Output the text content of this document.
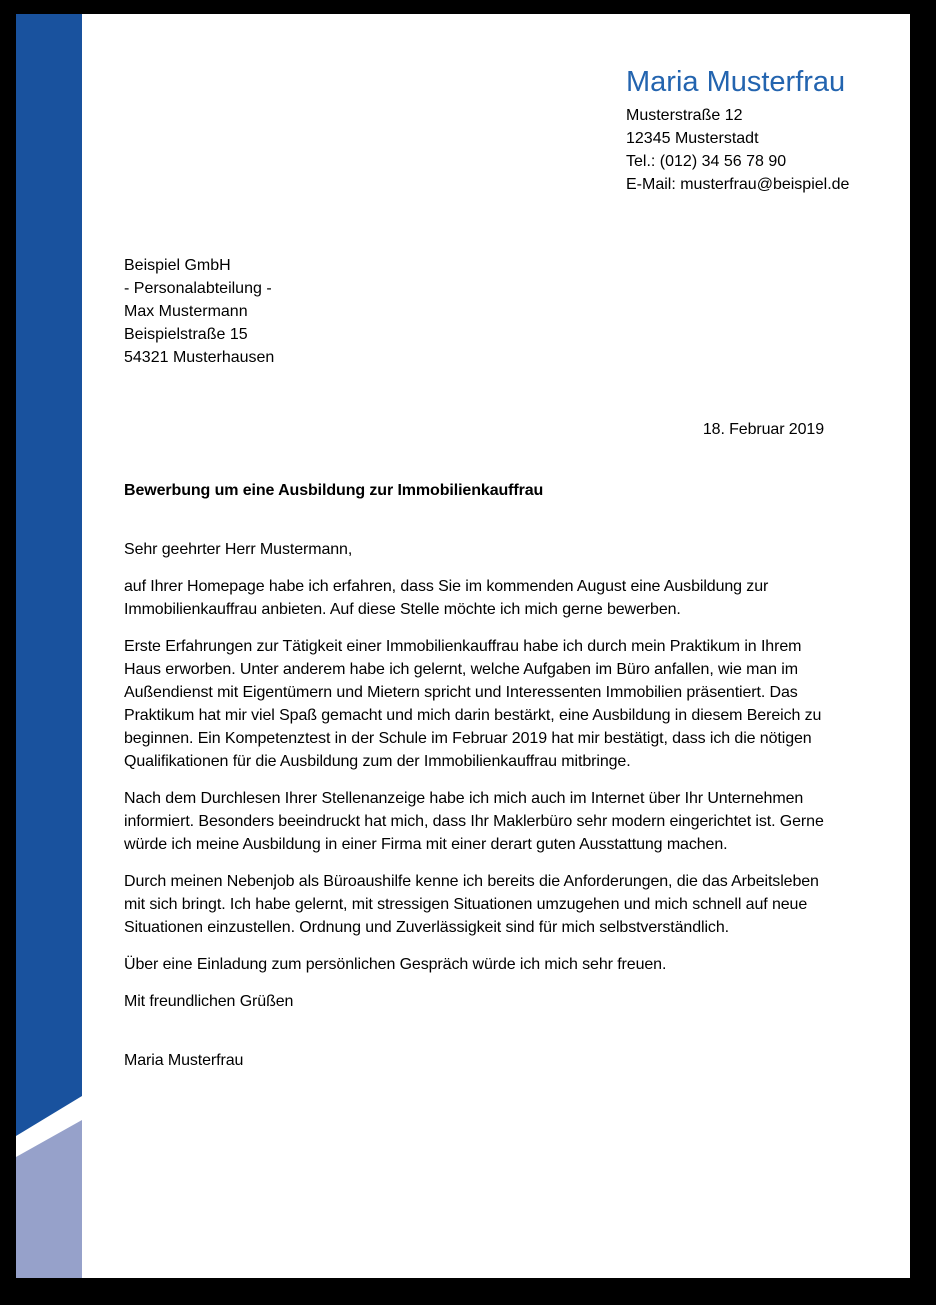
Maria Musterfrau
Musterstraße 12
12345 Musterstadt
Tel.: (012) 34 56 78 90
E-Mail: musterfrau@beispiel.de
Beispiel GmbH
- Personalabteilung -
Max Mustermann
Beispielstraße 15
54321 Musterhausen
18. Februar 2019
Bewerbung um eine Ausbildung zur Immobilienkauffrau
Sehr geehrter Herr Mustermann,

auf Ihrer Homepage habe ich erfahren, dass Sie im kommenden August eine Ausbildung zur Immobilienkauffrau anbieten. Auf diese Stelle möchte ich mich gerne bewerben.

Erste Erfahrungen zur Tätigkeit einer Immobilienkauffrau habe ich durch mein Praktikum in Ihrem Haus erworben. Unter anderem habe ich gelernt, welche Aufgaben im Büro anfallen, wie man im Außendienst mit Eigentümern und Mietern spricht und Interessenten Immobilien präsentiert. Das Praktikum hat mir viel Spaß gemacht und mich darin bestärkt, eine Ausbildung in diesem Bereich zu beginnen. Ein Kompetenztest in der Schule im Februar 2019 hat mir bestätigt, dass ich die nötigen Qualifikationen für die Ausbildung zum der Immobilienkauffrau mitbringe.

Nach dem Durchlesen Ihrer Stellenanzeige habe ich mich auch im Internet über Ihr Unternehmen informiert. Besonders beeindruckt hat mich, dass Ihr Maklerbüro sehr modern eingerichtet ist. Gerne würde ich meine Ausbildung in einer Firma mit einer derart guten Ausstattung machen.

Durch meinen Nebenjob als Büroaushilfe kenne ich bereits die Anforderungen, die das Arbeitsleben mit sich bringt. Ich habe gelernt, mit stressigen Situationen umzugehen und mich schnell auf neue Situationen einzustellen. Ordnung und Zuverlässigkeit sind für mich selbstverständlich.

Über eine Einladung zum persönlichen Gespräch würde ich mich sehr freuen.

Mit freundlichen Grüßen
Maria Musterfrau
